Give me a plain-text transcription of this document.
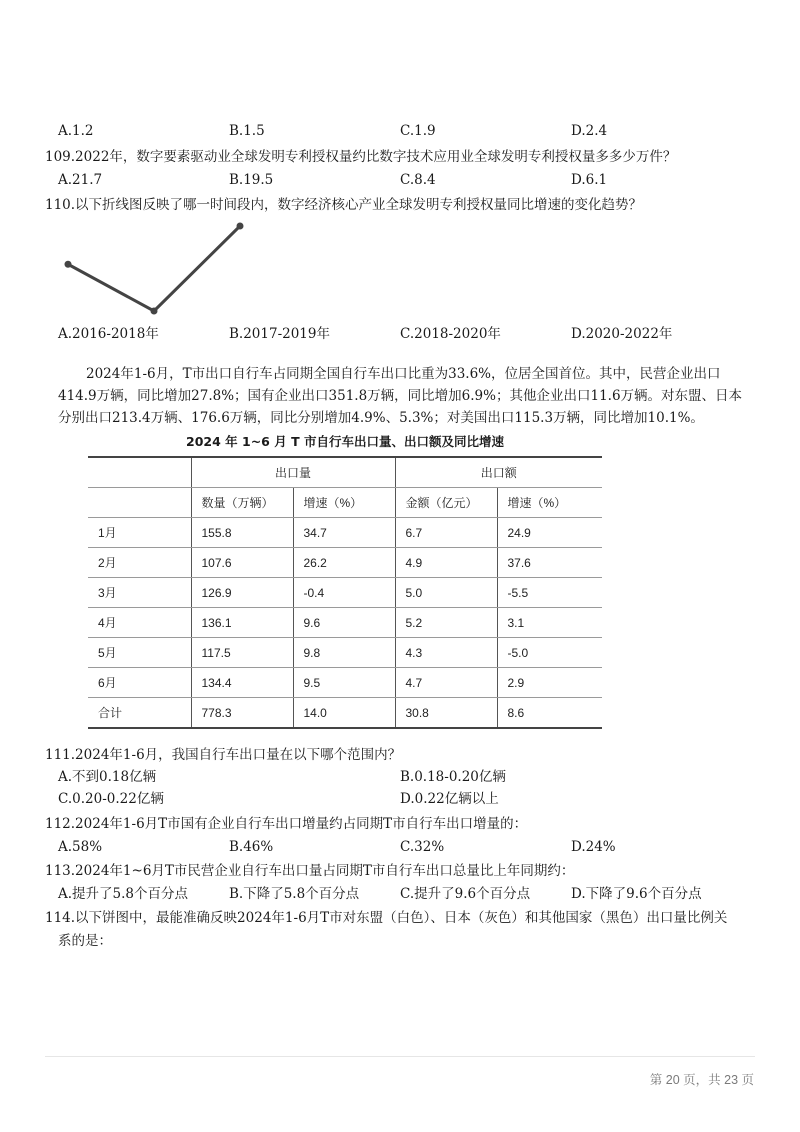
A.1.2	B.1.5	C.1.9	D.2.4
109.2022年，数字要素驱动业全球发明专利授权量约比数字技术应用业全球发明专利授权量多多少万件？
A.21.7	B.19.5	C.8.4	D.6.1
110.以下折线图反映了哪一时间段内，数字经济核心产业全球发明专利授权量同比增速的变化趋势？
A.2016-2018年	B.2017-2019年	C.2018-2020年	D.2020-2022年
2024年1-6月，T市出口自行车占同期全国自行车出口比重为33.6%，位居全国首位。其中，民营企业出口
414.9万辆，同比增加27.8%；国有企业出口351.8万辆，同比增加6.9%；其他企业出口11.6万辆。对东盟、日本
分别出口213.4万辆、176.6万辆，同比分别增加4.9%、5.3%；对美国出口115.3万辆，同比增加10.1%。
2024 年 1~6 月 T 市自行车出口量、出口额及同比增速
	出口量		出口额	
	数量（万辆）	增速（%）	金额（亿元）	增速（%）
1月	155.8	34.7	6.7	24.9
2月	107.6	26.2	4.9	37.6
3月	126.9	-0.4	5.0	-5.5
4月	136.1	9.6	5.2	3.1
5月	117.5	9.8	4.3	-5.0
6月	134.4	9.5	4.7	2.9
合计	778.3	14.0	30.8	8.6
111.2024年1-6月，我国自行车出口量在以下哪个范围内？
A.不到0.18亿辆	B.0.18-0.20亿辆
C.0.20-0.22亿辆	D.0.22亿辆以上
112.2024年1-6月T市国有企业自行车出口增量约占同期T市自行车出口增量的：
A.58%	B.46%	C.32%	D.24%
113.2024年1~6月T市民营企业自行车出口量占同期T市自行车出口总量比上年同期约：
A.提升了5.8个百分点	B.下降了5.8个百分点	C.提升了9.6个百分点	D.下降了9.6个百分点
114.以下饼图中，最能准确反映2024年1-6月T市对东盟（白色）、日本（灰色）和其他国家（黑色）出口量比例关
系的是：
第 20 页，共 23 页
